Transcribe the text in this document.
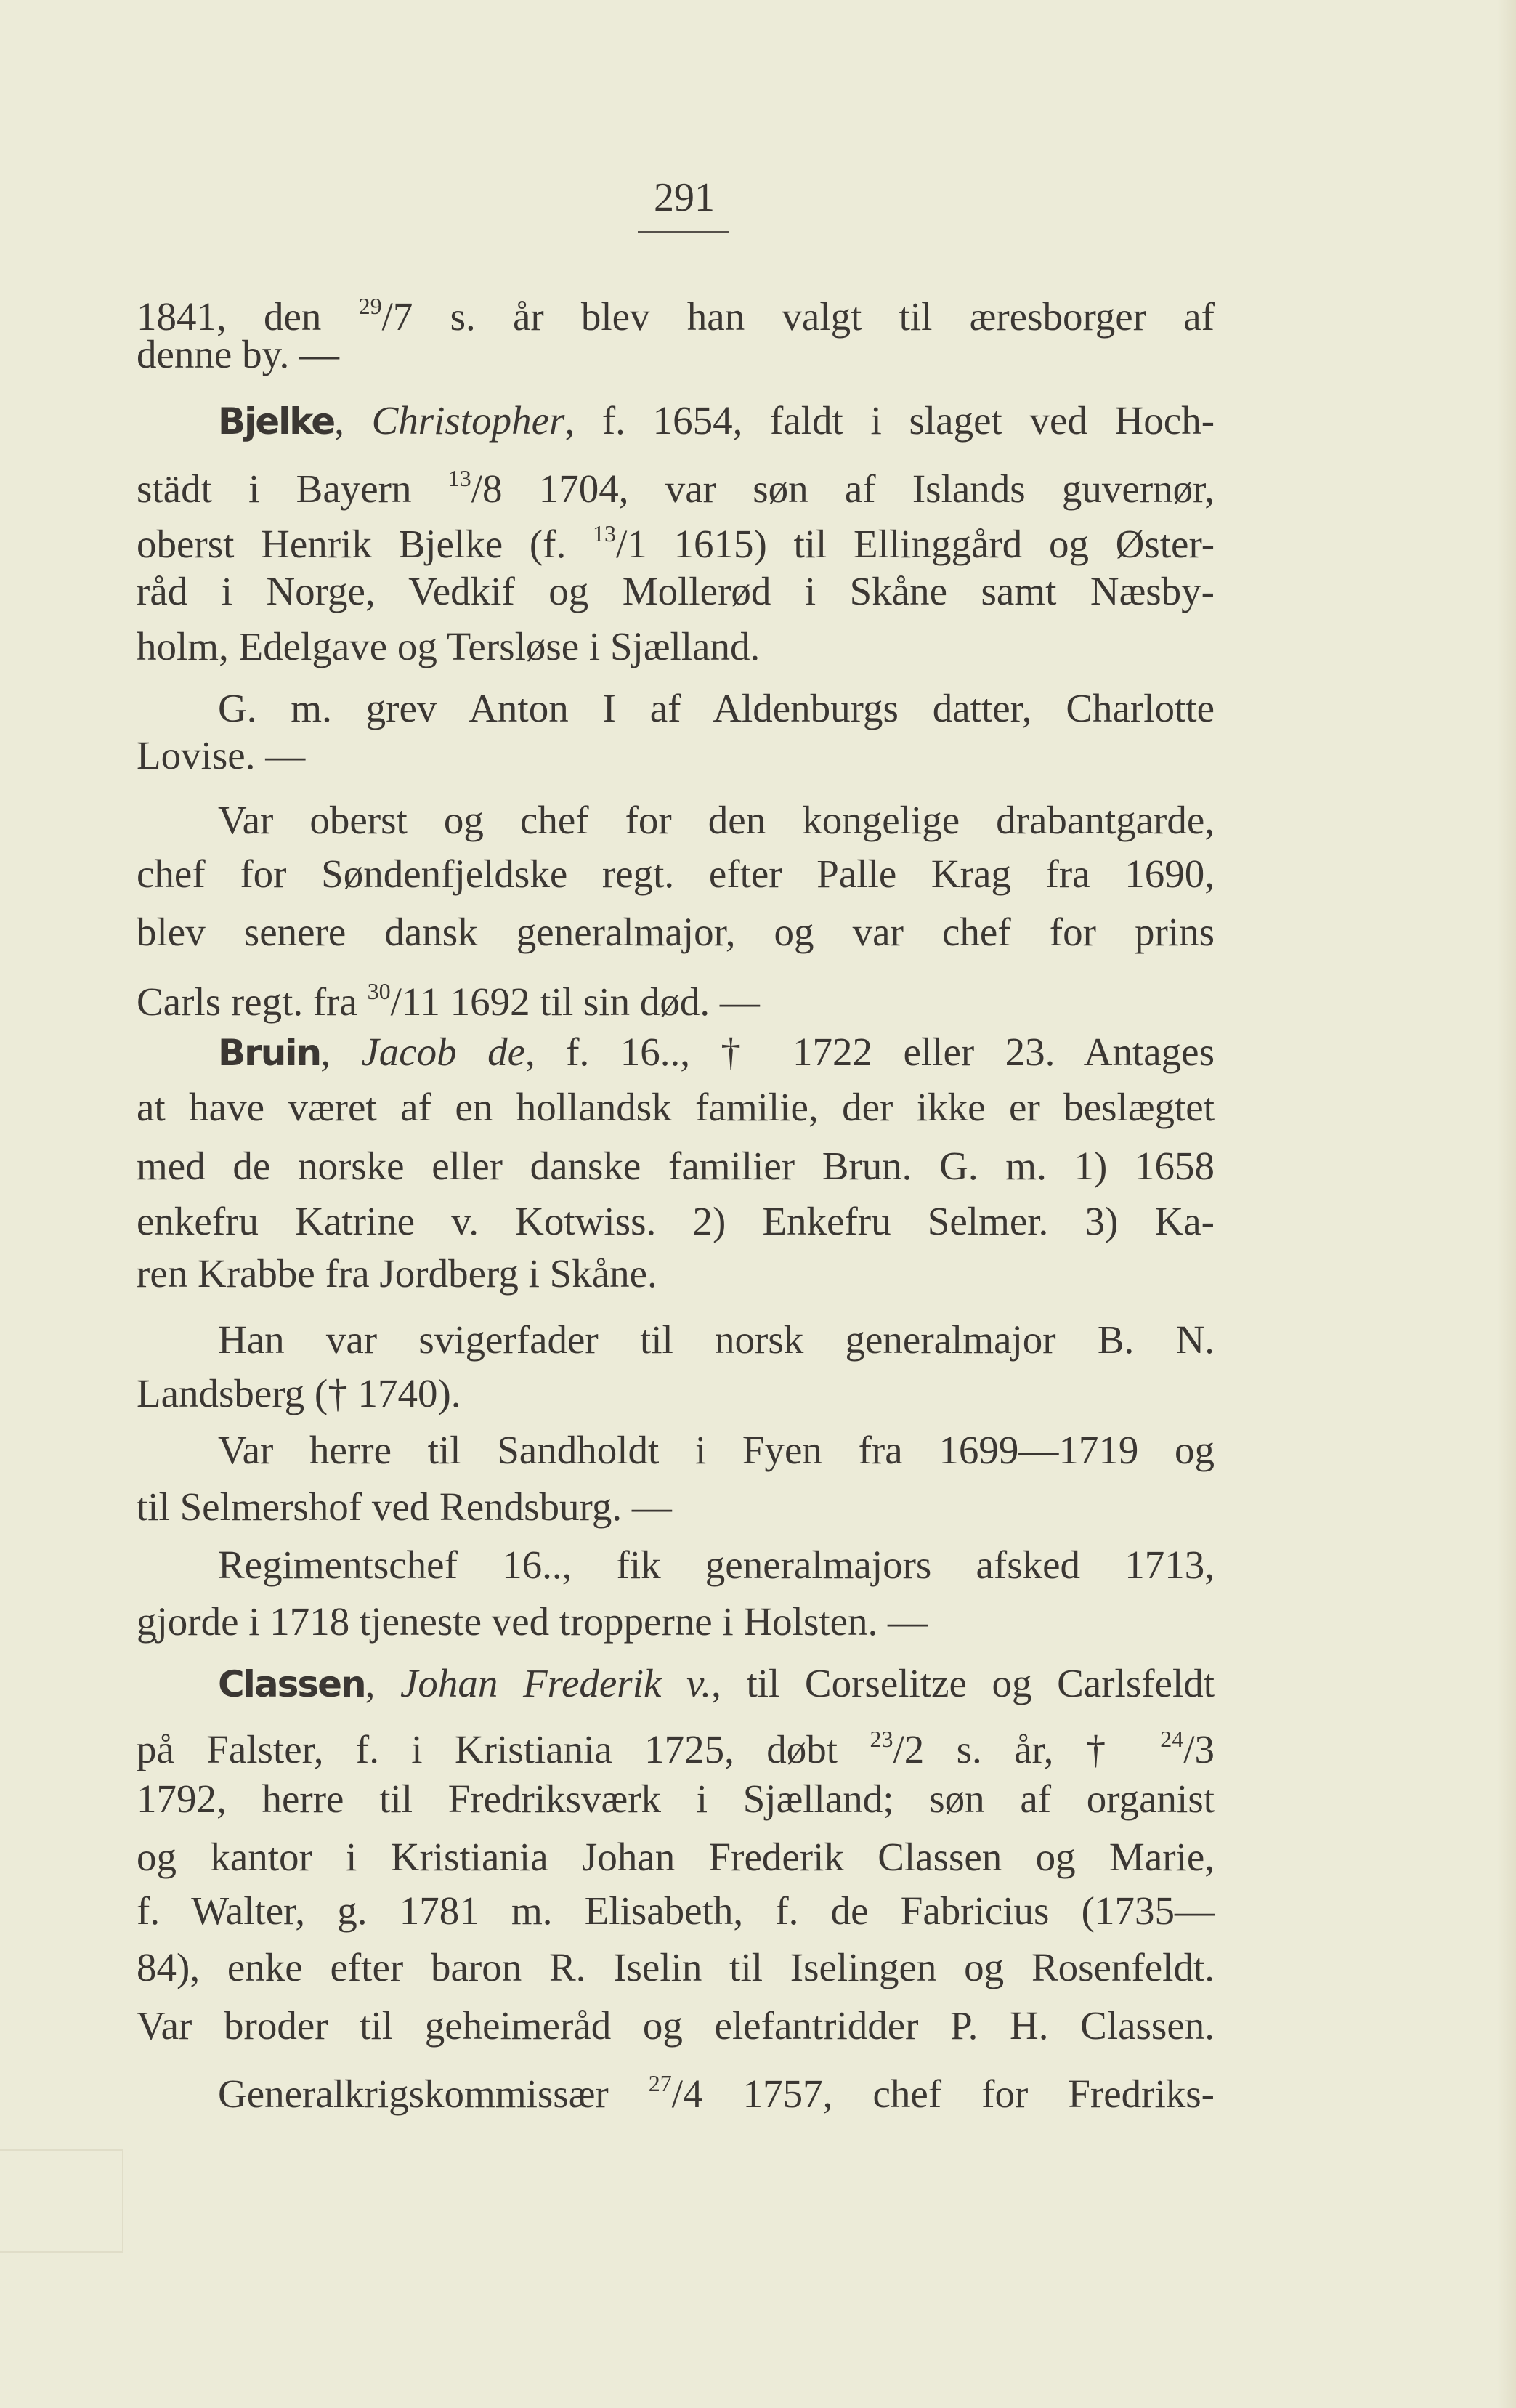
291
1841, den $^{29}$/7 s. år blev han valgt til æresborger af
denne by. —
Bjelke, Christopher, f. 1654, faldt i slaget ved Hoch-
städt i Bayern $^{13}$/8 1704, var søn af Islands guvernør,
oberst Henrik Bjelke (f. $^{13}$/1 1615) til Ellinggård og Øster-
råd i Norge, Vedkif og Mollerød i Skåne samt Næsby-
holm, Edelgave og Tersløse i Sjælland.
G. m. grev Anton I af Aldenburgs datter, Charlotte
Lovise. —
Var oberst og chef for den kongelige drabantgarde,
chef for Søndenfjeldske regt. efter Palle Krag fra 1690,
blev senere dansk generalmajor, og var chef for prins
Carls regt. fra $^{30}$/11 1692 til sin død. —
Bruin, Jacob de, f. 16.., † 1722 eller 23. Antages
at have været af en hollandsk familie, der ikke er beslægtet
med de norske eller danske familier Brun. G. m. 1) 1658
enkefru Katrine v. Kotwiss. 2) Enkefru Selmer. 3) Ka-
ren Krabbe fra Jordberg i Skåne.
Han var svigerfader til norsk generalmajor B. N.
Landsberg († 1740).
Var herre til Sandholdt i Fyen fra 1699—1719 og
til Selmershof ved Rendsburg. —
Regimentschef 16.., fik generalmajors afsked 1713,
gjorde i 1718 tjeneste ved tropperne i Holsten. —
Classen, Johan Frederik v., til Corselitze og Carlsfeldt
på Falster, f. i Kristiania 1725, døbt $^{23}$/2 s. år, † $^{24}$/3
1792, herre til Fredriksværk i Sjælland; søn af organist
og kantor i Kristiania Johan Frederik Classen og Marie,
f. Walter, g. 1781 m. Elisabeth, f. de Fabricius (1735—
84), enke efter baron R. Iselin til Iselingen og Rosenfeldt.
Var broder til geheimeråd og elefantridder P. H. Classen.
Generalkrigskommissær $^{27}$/4 1757, chef for Fredriks-
